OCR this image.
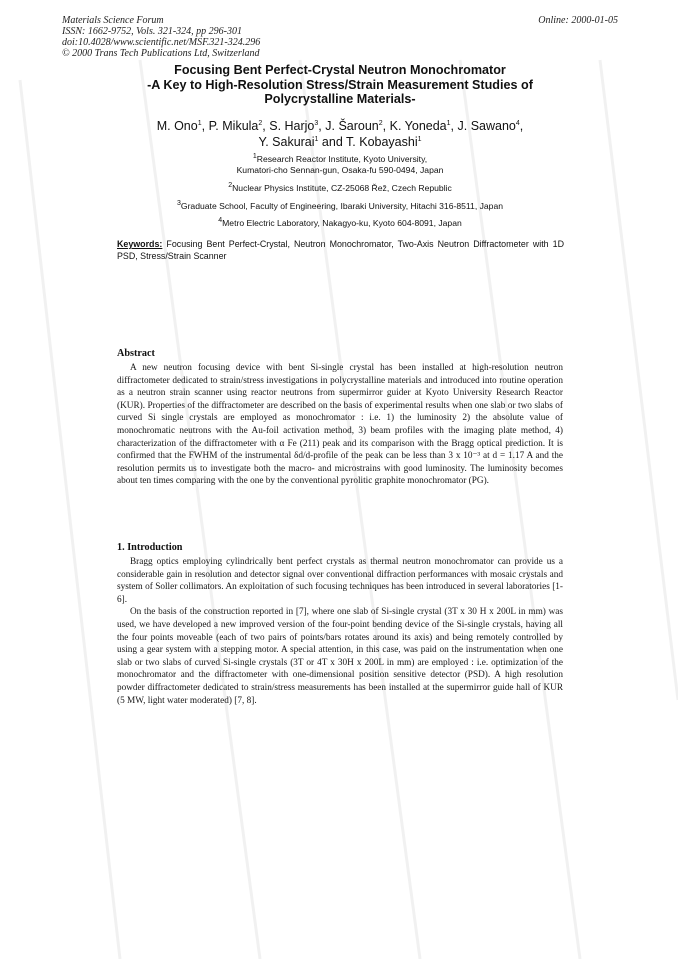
Materials Science Forum
ISSN: 1662-9752, Vols. 321-324, pp 296-301
doi:10.4028/www.scientific.net/MSF.321-324.296
© 2000 Trans Tech Publications Ltd, Switzerland
Online: 2000-01-05
Focusing Bent Perfect-Crystal Neutron Monochromator
-A Key to High-Resolution Stress/Strain Measurement Studies of
Polycrystalline Materials-
M. Ono$^1$, P. Mikula$^2$, S. Harjo$^3$, J. Šaroun$^2$, K. Yoneda$^1$, J. Sawano$^4$,
Y. Sakurai$^1$ and T. Kobayashi$^1$
$^1$Research Reactor Institute, Kyoto University,
Kumatori-cho Sennan-gun, Osaka-fu 590-0494, Japan
$^2$Nuclear Physics Institute, CZ-25068 Řež, Czech Republic
$^3$Graduate School, Faculty of Engineering, Ibaraki University, Hitachi 316-8511, Japan
$^4$Metro Electric Laboratory, Nakagyo-ku, Kyoto 604-8091, Japan
Keywords: Focusing Bent Perfect-Crystal, Neutron Monochromator, Two-Axis Neutron Diffractometer with 1D PSD, Stress/Strain Scanner
Abstract

A new neutron focusing device with bent Si-single crystal has been installed at high-resolution neutron diffractometer dedicated to strain/stress investigations in polycrystalline materials and introduced into routine operation as a neutron strain scanner using reactor neutrons from supermirror guider at Kyoto University Research Reactor (KUR). Properties of the diffractometer are described on the basis of experimental results when one slab or two slabs of curved Si single crystals are employed as monochromator : i.e. 1) the luminosity 2) the absolute value of monochromatic neutrons with the Au-foil activation method, 3) beam profiles with the imaging plate method, 4) characterization of the diffractometer with α Fe (211) peak and its comparison with the Bragg optical prediction. It is confirmed that the FWHM of the instrumental δd/d-profile of the peak can be less than 3 x 10⁻³ at d = 1.17 A and the resolution permits us to investigate both the macro- and microstrains with good luminosity. The luminosity becomes about ten times comparing with the one by the conventional pyrolitic graphite monochromator (PG).

1. Introduction

Bragg optics employing cylindrically bent perfect crystals as thermal neutron monochromator can provide us a considerable gain in resolution and detector signal over conventional diffraction performances with mosaic crystals and system of Soller collimators. An exploitation of such focusing techniques has been introduced in several laboratories [1-6].

On the basis of the construction reported in [7], where one slab of Si-single crystal (3T x 30 H x 200L in mm) was used, we have developed a new improved version of the four-point bending device of the Si-single crystals, having all the four points moveable (each of two pairs of points/bars rotates around its axis) and being remotely controlled by using a gear system with a stepping motor. A special attention, in this case, was paid on the instrumentation when one slab or two slabs of curved Si-single crystals (3T or 4T x 30H x 200L in mm) are employed : i.e. optimization of the monochromator and the diffractometer with one-dimensional position sensitive detector (PSD). A high resolution powder diffractometer dedicated to strain/stress measurements has been installed at the supermirror guide hall of KUR (5 MW, light water moderated) [7, 8].
